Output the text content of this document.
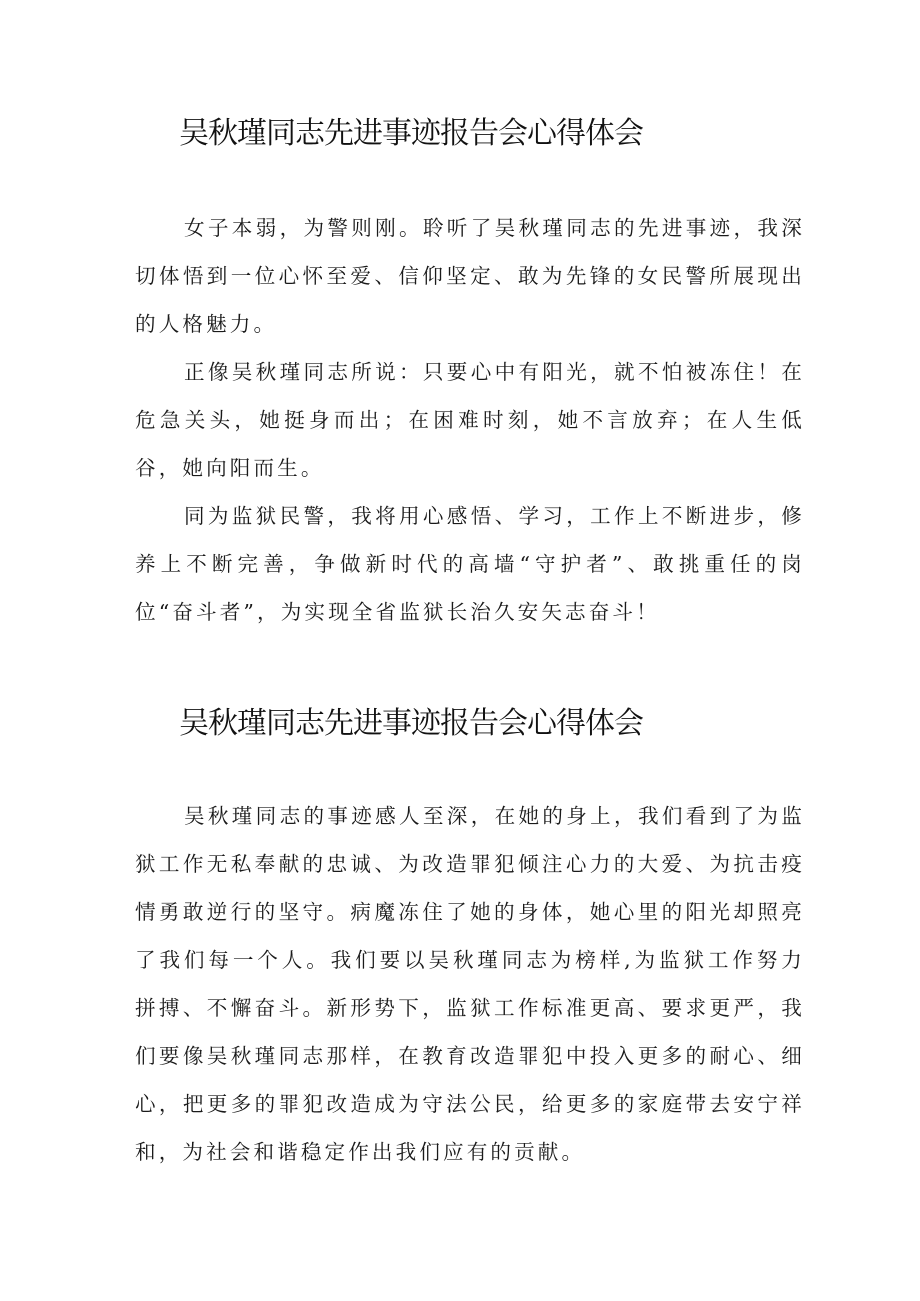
吴秋瑾同志先进事迹报告会心得体会

女子本弱，为警则刚。聆听了吴秋瑾同志的先进事迹，我深切体悟到一位心怀至爱、信仰坚定、敢为先锋的女民警所展现出的人格魅力。

正像吴秋瑾同志所说：只要心中有阳光，就不怕被冻住！在危急关头，她挺身而出；在困难时刻，她不言放弃；在人生低谷，她向阳而生。

同为监狱民警，我将用心感悟、学习，工作上不断进步，修养上不断完善，争做新时代的高墙“守护者”、敢挑重任的岗位“奋斗者”，为实现全省监狱长治久安矢志奋斗！

吴秋瑾同志先进事迹报告会心得体会

吴秋瑾同志的事迹感人至深，在她的身上，我们看到了为监狱工作无私奉献的忠诚、为改造罪犯倾注心力的大爱、为抗击疫情勇敢逆行的坚守。病魔冻住了她的身体，她心里的阳光却照亮了我们每一个人。我们要以吴秋瑾同志为榜样,为监狱工作努力拼搏、不懈奋斗。新形势下，监狱工作标准更高、要求更严，我们要像吴秋瑾同志那样，在教育改造罪犯中投入更多的耐心、细心，把更多的罪犯改造成为守法公民，给更多的家庭带去安宁祥和，为社会和谐稳定作出我们应有的贡献。
